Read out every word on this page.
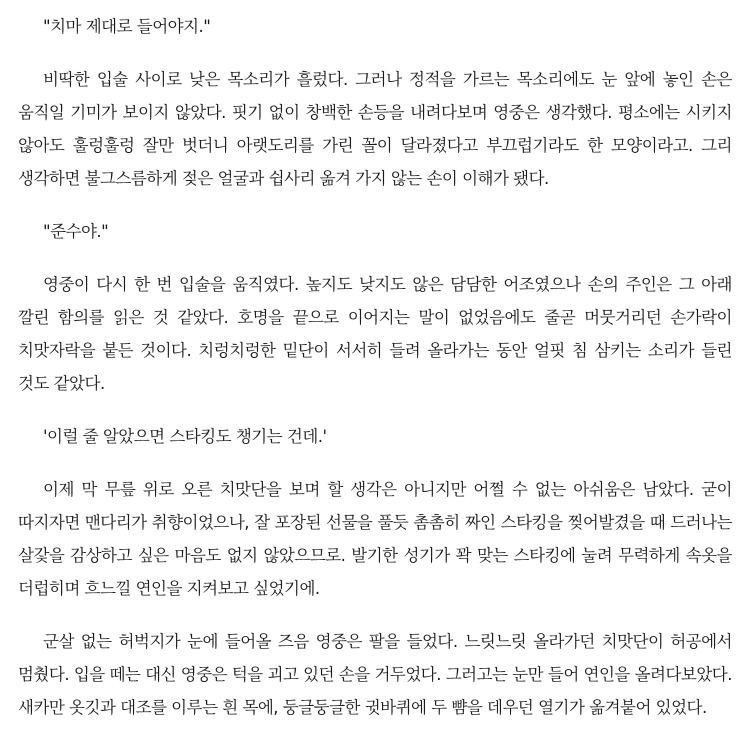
"치마 제대로 들어야지."

비딱한 입술 사이로 낮은 목소리가 흘렀다. 그러나 정적을 가르는 목소리에도 눈 앞에 놓인 손은 움직일 기미가 보이지 않았다. 핏기 없이 창백한 손등을 내려다보며 영중은 생각했다. 평소에는 시키지 않아도 훌렁훌렁 잘만 벗더니 아랫도리를 가린 꼴이 달라졌다고 부끄럽기라도 한 모양이라고. 그리 생각하면 불그스름하게 젖은 얼굴과 쉽사리 옮겨 가지 않는 손이 이해가 됐다.

"준수야."

영중이 다시 한 번 입술을 움직였다. 높지도 낮지도 않은 담담한 어조였으나 손의 주인은 그 아래 깔린 함의를 읽은 것 같았다. 호명을 끝으로 이어지는 말이 없었음에도 줄곧 머뭇거리던 손가락이 치맛자락을 붙든 것이다. 치렁치렁한 밑단이 서서히 들려 올라가는 동안 얼핏 침 삼키는 소리가 들린 것도 같았다.

'이럴 줄 알았으면 스타킹도 챙기는 건데.'

이제 막 무릎 위로 오른 치맛단을 보며 할 생각은 아니지만 어쩔 수 없는 아쉬움은 남았다. 굳이 따지자면 맨다리가 취향이었으나, 잘 포장된 선물을 풀듯 촘촘히 짜인 스타킹을 찢어발겼을 때 드러나는 살갗을 감상하고 싶은 마음도 없지 않았으므로. 발기한 성기가 꽉 맞는 스타킹에 눌려 무력하게 속옷을 더럽히며 흐느낄 연인을 지켜보고 싶었기에.

군살 없는 허벅지가 눈에 들어올 즈음 영중은 팔을 들었다. 느릿느릿 올라가던 치맛단이 허공에서 멈췄다. 입을 떼는 대신 영중은 턱을 괴고 있던 손을 거두었다. 그러고는 눈만 들어 연인을 올려다보았다. 새카만 옷깃과 대조를 이루는 흰 목에, 둥글둥글한 귓바퀴에 두 뺨을 데우던 열기가 옮겨붙어 있었다.
